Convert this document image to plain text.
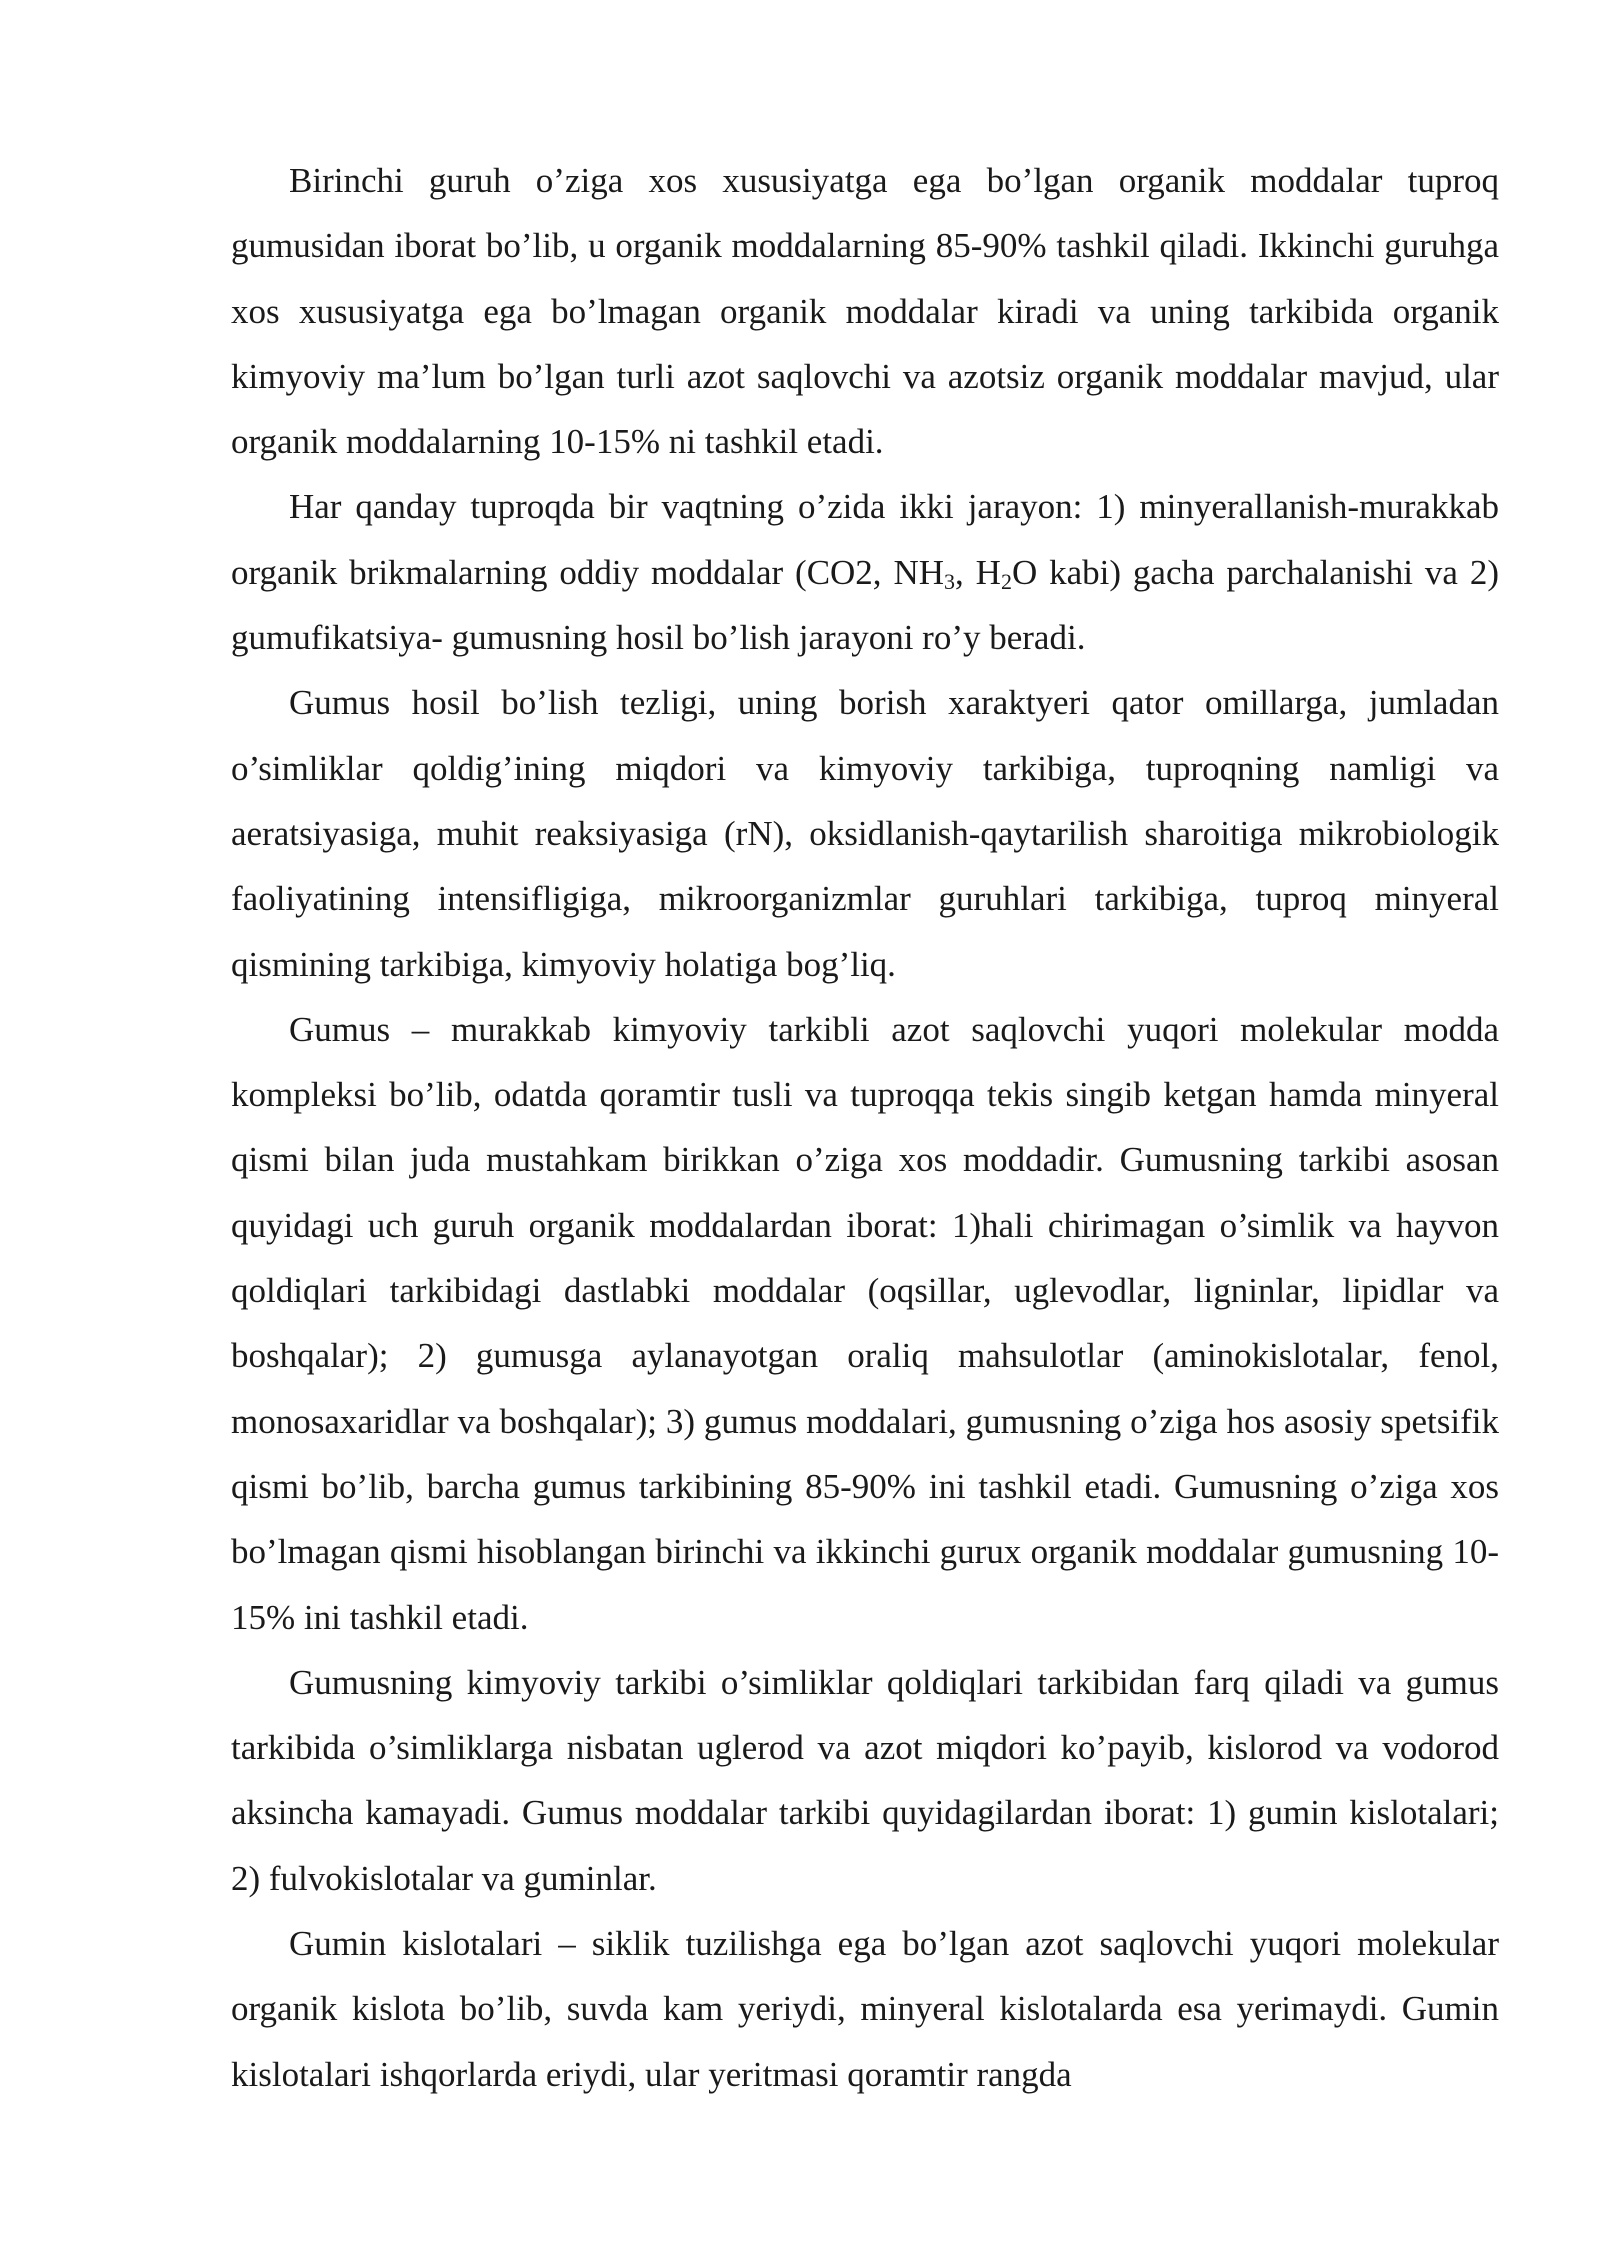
Birinchi guruh o’ziga xos xususiyatga ega bo’lgan organik moddalar tuproq gumusidan iborat bo’lib, u organik moddalarning 85-90% tashkil qiladi. Ikkinchi guruhga xos xususiyatga ega bo’lmagan organik moddalar kiradi va uning tarkibida organik kimyoviy ma’lum bo’lgan turli azot saqlovchi va azotsiz organik moddalar mavjud, ular organik moddalarning 10-15% ni tashkil etadi.

Har qanday tuproqda bir vaqtning o’zida ikki jarayon: 1) minyerallanish-murakkab organik brikmalarning oddiy moddalar (CO2, $NH_3$, $H_2O$ kabi) gacha parchalanishi va 2) gumufikatsiya- gumusning hosil bo’lish jarayoni ro’y beradi.

Gumus hosil bo’lish tezligi, uning borish xaraktyeri qator omillarga, jumladan o’simliklar qoldig’ining miqdori va kimyoviy tarkibiga, tuproqning namligi va aeratsiyasiga, muhit reaksiyasiga (rN), oksidlanish-qaytarilish sharoitiga mikrobiologik faoliyatining intensifligiga, mikroorganizmlar guruhlari tarkibiga, tuproq minyeral qismining tarkibiga, kimyoviy holatiga bog’liq.

Gumus – murakkab kimyoviy tarkibli azot saqlovchi yuqori molekular modda kompleksi bo’lib, odatda qoramtir tusli va tuproqqa tekis singib ketgan hamda minyeral qismi bilan juda mustahkam birikkan o’ziga xos moddadir. Gumusning tarkibi asosan quyidagi uch guruh organik moddalardan iborat: 1)hali chirimagan o’simlik va hayvon qoldiqlari tarkibidagi dastlabki moddalar (oqsillar, uglevodlar, ligninlar, lipidlar va boshqalar); 2) gumusga aylanayotgan oraliq mahsulotlar (aminokislotalar, fenol, monosaxaridlar va boshqalar); 3) gumus moddalari, gumusning o’ziga hos asosiy spetsifik qismi bo’lib, barcha gumus tarkibining 85-90% ini tashkil etadi. Gumusning o’ziga xos bo’lmagan qismi hisoblangan birinchi va ikkinchi gurux organik moddalar gumusning 10-15% ini tashkil etadi.

Gumusning kimyoviy tarkibi o’simliklar qoldiqlari tarkibidan farq qiladi va gumus tarkibida o’simliklarga nisbatan uglerod va azot miqdori ko’payib, kislorod va vodorod aksincha kamayadi. Gumus moddalar tarkibi quyidagilardan iborat: 1) gumin kislotalari; 2) fulvokislotalar va guminlar.

Gumin kislotalari – siklik tuzilishga ega bo’lgan azot saqlovchi yuqori molekular organik kislota bo’lib, suvda kam yeriydi, minyeral kislotalarda esa yerimaydi. Gumin kislotalari ishqorlarda eriydi, ular yeritmasi qoramtir rangda
